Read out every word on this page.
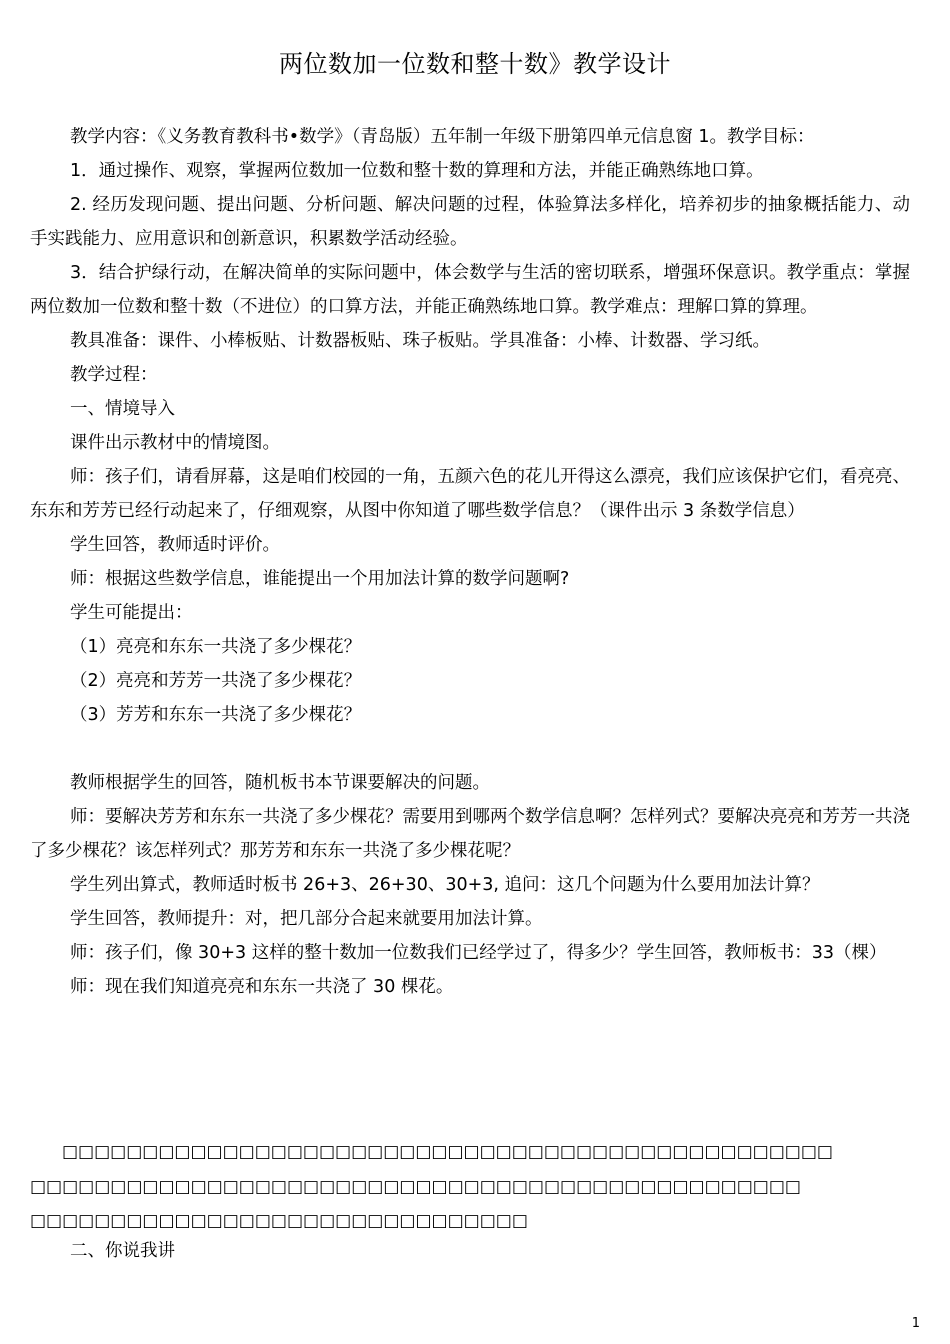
两位数加一位数和整十数》教学设计

教学内容：《义务教育教科书•数学》（青岛版）五年制一年级下册第四单元信息窗 1。教学目标：

1．通过操作、观察，掌握两位数加一位数和整十数的算理和方法，并能正确熟练地口算。

2. 经历发现问题、提出问题、分析问题、解决问题的过程，体验算法多样化，培养初步的抽象概括能力、动手实践能力、应用意识和创新意识，积累数学活动经验。

3．结合护绿行动，在解决简单的实际问题中，体会数学与生活的密切联系，增强环保意识。教学重点：掌握两位数加一位数和整十数（不进位）的口算方法，并能正确熟练地口算。教学难点：理解口算的算理。

教具准备：课件、小棒板贴、计数器板贴、珠子板贴。学具准备：小棒、计数器、学习纸。

教学过程：

一、情境导入

课件出示教材中的情境图。

师：孩子们，请看屏幕，这是咱们校园的一角，五颜六色的花儿开得这么漂亮，我们应该保护它们，看亮亮、东东和芳芳已经行动起来了，仔细观察，从图中你知道了哪些数学信息？（课件出示 3 条数学信息）

学生回答，教师适时评价。

师：根据这些数学信息，谁能提出一个用加法计算的数学问题啊?

学生可能提出：

（1）亮亮和东东一共浇了多少棵花？

（2）亮亮和芳芳一共浇了多少棵花？

（3）芳芳和东东一共浇了多少棵花？

教师根据学生的回答，随机板书本节课要解决的问题。

师：要解决芳芳和东东一共浇了多少棵花？需要用到哪两个数学信息啊？怎样列式？要解决亮亮和芳芳一共浇了多少棵花？该怎样列式？那芳芳和东东一共浇了多少棵花呢？

学生列出算式，教师适时板书 26+3、26+30、30+3, 追问：这几个问题为什么要用加法计算？

学生回答，教师提升：对，把几部分合起来就要用加法计算。

师：孩子们，像 30+3 这样的整十数加一位数我们已经学过了，得多少？学生回答，教师板书：33（棵）

师：现在我们知道亮亮和东东一共浇了 30 棵花。

□□□□□□□□□□□□□□□□□□□□□□□□□□□□□□□□□□□□□□□□□□□□□□□□
□□□□□□□□□□□□□□□□□□□□□□□□□□□□□□□□□□□□□□□□□□□□□□□□
□□□□□□□□□□□□□□□□□□□□□□□□□□□□□□□

二、你说我讲

1
